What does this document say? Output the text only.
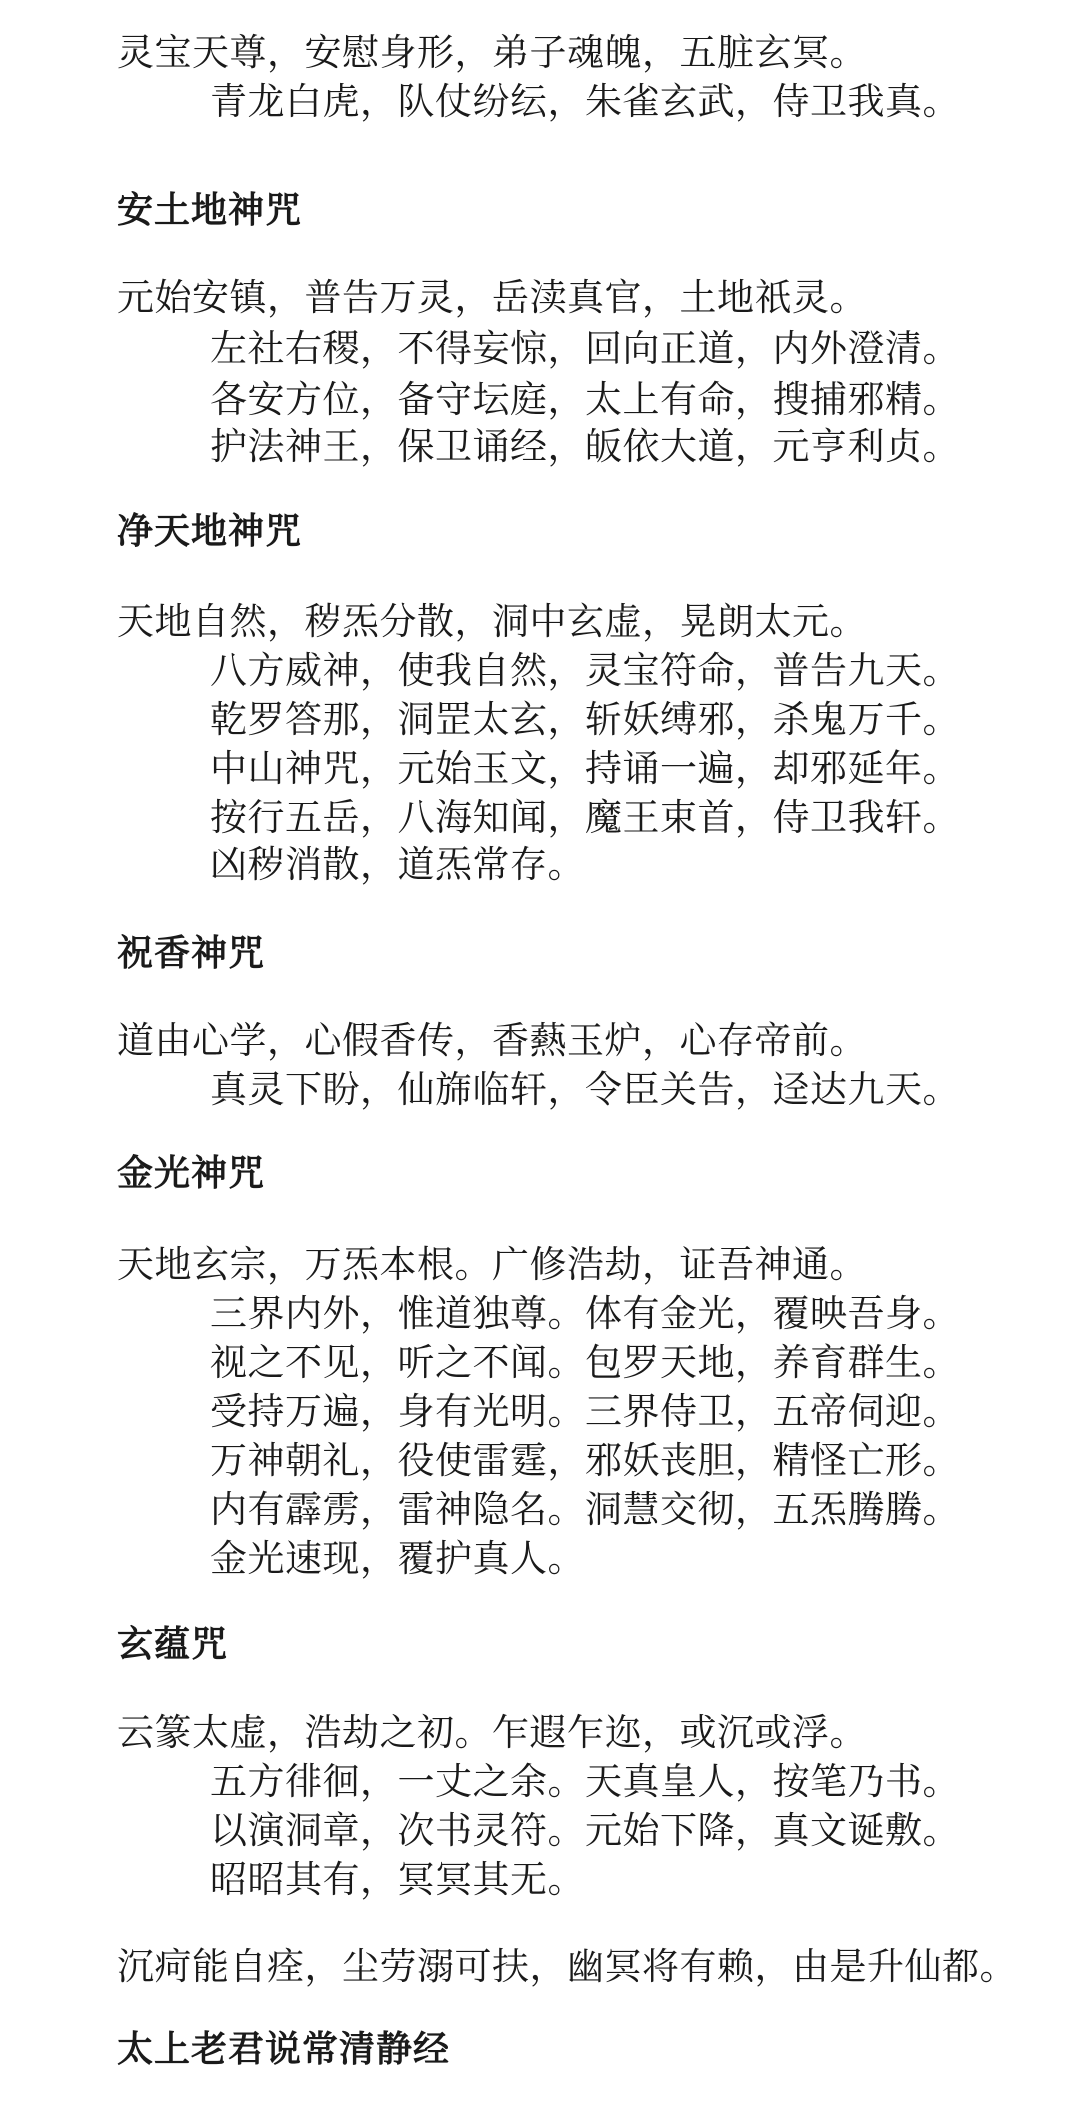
灵宝天尊，安慰身形，弟子魂魄，五脏玄冥。
青龙白虎，队仗纷纭，朱雀玄武，侍卫我真。
安土地神咒
元始安镇，普告万灵，岳渎真官，土地祇灵。
左社右稷，不得妄惊，回向正道，内外澄清。
各安方位，备守坛庭，太上有命，搜捕邪精。
护法神王，保卫诵经，皈依大道，元亨利贞。
净天地神咒
天地自然，秽炁分散，洞中玄虚，晃朗太元。
八方威神，使我自然，灵宝符命，普告九天。
乾罗答那，洞罡太玄，斩妖缚邪，杀鬼万千。
中山神咒，元始玉文，持诵一遍，却邪延年。
按行五岳，八海知闻，魔王束首，侍卫我轩。
凶秽消散，道炁常存。
祝香神咒
道由心学，心假香传，香爇玉炉，心存帝前。
真灵下盼，仙旆临轩，令臣关告，迳达九天。
金光神咒
天地玄宗，万炁本根。广修浩劫，证吾神通。
三界内外，惟道独尊。体有金光，覆映吾身。
视之不见，听之不闻。包罗天地，养育群生。
受持万遍，身有光明。三界侍卫，五帝伺迎。
万神朝礼，役使雷霆，邪妖丧胆，精怪亡形。
内有霹雳，雷神隐名。洞慧交彻，五炁腾腾。
金光速现，覆护真人。
玄蕴咒
云篆太虚，浩劫之初。乍遐乍迩，或沉或浮。
五方徘徊，一丈之余。天真皇人，按笔乃书。
以演洞章，次书灵符。元始下降，真文诞敷。
昭昭其有，冥冥其无。
沉疴能自痊，尘劳溺可扶，幽冥将有赖，由是升仙都。
太上老君说常清静经
